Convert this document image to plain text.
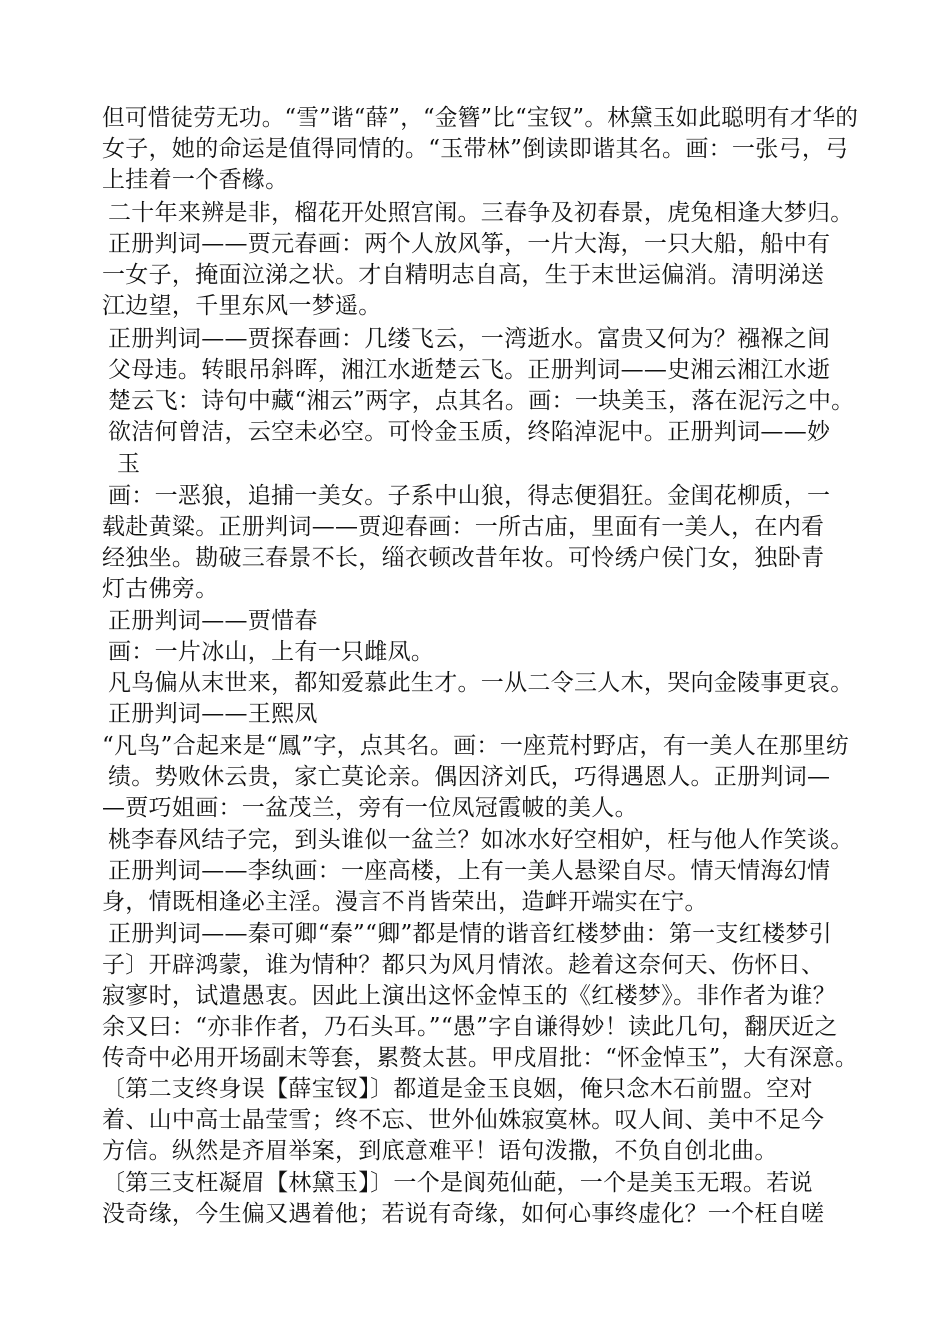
但可惜徒劳无功。“雪”谐“薛”，“金簪”比“宝钗”。林黛玉如此聪明有才华的
女子，她的命运是值得同情的。“玉带林”倒读即谐其名。画：一张弓，弓
上挂着一个香橼。
二十年来辨是非，榴花开处照宫闱。三春争及初春景，虎兔相逢大梦归。
正册判词——贾元春画：两个人放风筝，一片大海，一只大船，船中有
一女子，掩面泣涕之状。才自精明志自高，生于末世运偏消。清明涕送
江边望，千里东风一梦遥。
正册判词——贾探春画：几缕飞云，一湾逝水。富贵又何为？襁褓之间
父母违。转眼吊斜晖，湘江水逝楚云飞。正册判词——史湘云湘江水逝
楚云飞：诗句中藏“湘云”两字，点其名。画：一块美玉，落在泥污之中。
欲洁何曾洁，云空未必空。可怜金玉质，终陷淖泥中。正册判词——妙
玉
画：一恶狼，追捕一美女。子系中山狼，得志便猖狂。金闺花柳质，一
载赴黄粱。正册判词——贾迎春画：一所古庙，里面有一美人，在内看
经独坐。勘破三春景不长，缁衣顿改昔年妆。可怜绣户侯门女，独卧青
灯古佛旁。
正册判词——贾惜春
画：一片冰山，上有一只雌凤。
凡鸟偏从末世来，都知爱慕此生才。一从二令三人木，哭向金陵事更哀。
正册判词——王熙凤
“凡鸟”合起来是“鳳”字，点其名。画：一座荒村野店，有一美人在那里纺
绩。势败休云贵，家亡莫论亲。偶因济刘氏，巧得遇恩人。正册判词—
—贾巧姐画：一盆茂兰，旁有一位凤冠霞帔的美人。
桃李春风结子完，到头谁似一盆兰？如冰水好空相妒，枉与他人作笑谈。
正册判词——李纨画：一座高楼，上有一美人悬梁自尽。情天情海幻情
身，情既相逢必主淫。漫言不肖皆荣出，造衅开端实在宁。
正册判词——秦可卿“秦”“卿”都是情的谐音红楼梦曲：第一支红楼梦引
子〕开辟鸿蒙，谁为情种？都只为风月情浓。趁着这奈何天、伤怀日、
寂寥时，试遣愚衷。因此上演出这怀金悼玉的《红楼梦》。非作者为谁？
余又曰：“亦非作者，乃石头耳。”“愚”字自谦得妙！读此几句，翻厌近之
传奇中必用开场副末等套，累赘太甚。甲戌眉批：“怀金悼玉”，大有深意。
〔第二支终身误【薛宝钗】〕都道是金玉良姻，俺只念木石前盟。空对
着、山中高士晶莹雪；终不忘、世外仙姝寂寞林。叹人间、美中不足今
方信。纵然是齐眉举案，到底意难平！语句泼撒，不负自创北曲。
〔第三支枉凝眉【林黛玉】〕一个是阆苑仙葩，一个是美玉无瑕。若说
没奇缘，今生偏又遇着他；若说有奇缘，如何心事终虚化？一个枉自嗟
